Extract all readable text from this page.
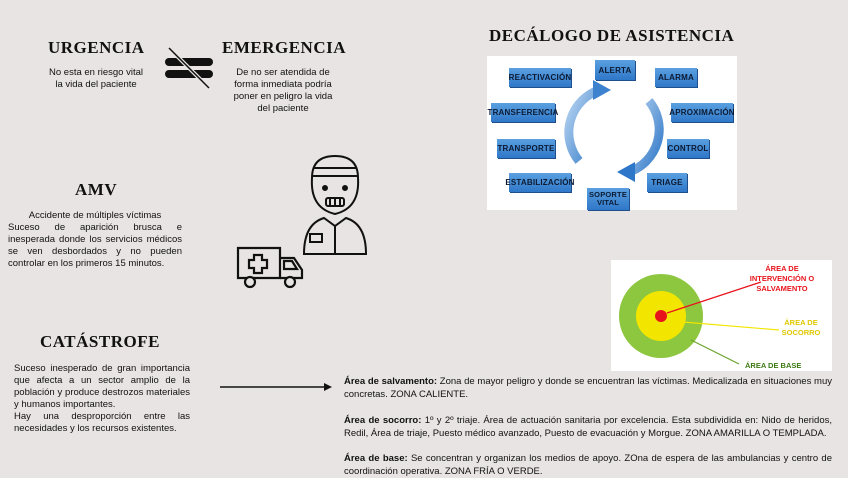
URGENCIA
No esta en riesgo vital la vida del paciente
EMERGENCIA
De no ser atendida de forma inmediata podría poner en peligro la vida del paciente
DECÁLOGO DE ASISTENCIA
ALERTA
ALARMA
APROXIMACIÓN
CONTROL
TRIAGE
SOPORTE VITAL
ESTABILIZACIÓN
TRANSPORTE
TRANSFERENCIA
REACTIVACIÓN
AMV
Accidente de múltiples víctimas
Suceso de aparición brusca e inesperada donde los servicios médicos se ven desbordados y no pueden controlar en los primeros 15 minutos.	ÁREA DE INTERVENCIÓN O SALVAMENTO
ÁREA DE SOCORRO
ÁREA DE BASE
CATÁSTROFE
Suceso inesperado de gran importancia que afecta a un sector amplio de la población y produce destrozos materiales y humanos importantes.
Hay una desproporción entre las necesidades y los recursos existentes.
Área de salvamento: Zona de mayor peligro y donde se encuentran las víctimas. Medicalizada en situaciones muy concretas. ZONA CALIENTE.
Área de socorro: 1º y 2º triaje. Área de actuación sanitaria por excelencia. Esta subdividida en: Nido de heridos, Redil, Área de triaje, Puesto médico avanzado, Puesto de evacuación y Morgue. ZONA AMARILLA O TEMPLADA.
Área de base: Se concentran y organizan los medios de apoyo. ZOna de espera de las ambulancias y centro de coordinación operativa. ZONA FRÍA O VERDE.
